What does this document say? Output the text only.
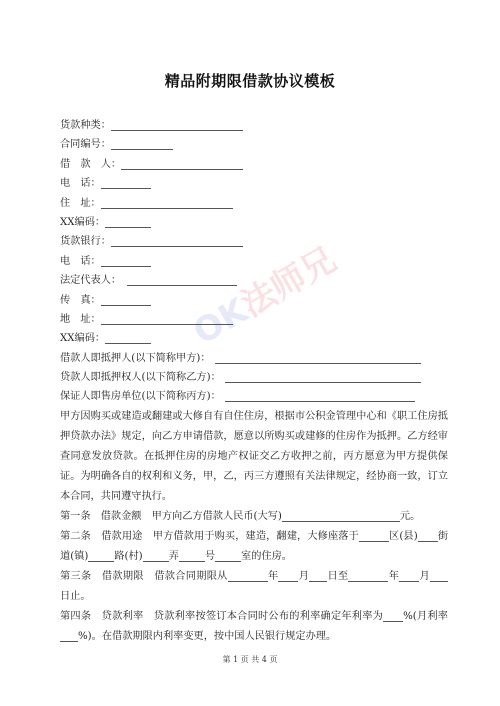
精品附期限借款协议模板
OK法师兄
货款种类：
合同编号：
借　款　人：
电　话：
住　址：
XX编码：
货款银行：
电　话：
法定代表人：
传　真：
地　址：
XX编码：
借款人即抵押人(以下简称甲方)：
贷款人即抵押权人(以下简称乙方)：
保证人即售房单位(以下简称丙方)：
甲方因购买或建造或翻建或大修自有自住住房，根据市公积金管理中心和《职工住房抵押贷款办法》规定，向乙方申请借款，愿意以所购买或建修的住房作为抵押。乙方经审查同意发放贷款。在抵押住房的房地产权证交乙方收押之前，丙方愿意为甲方提供保证。为明确各自的权利和义务，甲，乙，丙三方遵照有关法律规定，经协商一致，订立本合同，共同遵守执行。
第一条　借款金额　甲方向乙方借款人民币(大写)	元。
第二条　借款用途　甲方借款用于购买，建造，翻建，大修座落于	区(县) 街道(镇)	路(村)	弄	号	室的住房。
第三条　借款期限　借款合同期限从	年 月 日至	年 月日止。
第四条　贷款利率　贷款利率按签订本合同时公布的利率确定年利率为 %(月利率%)。在借款期限内利率变更，按中国人民银行规定办理。
第 1 页 共 4 页
